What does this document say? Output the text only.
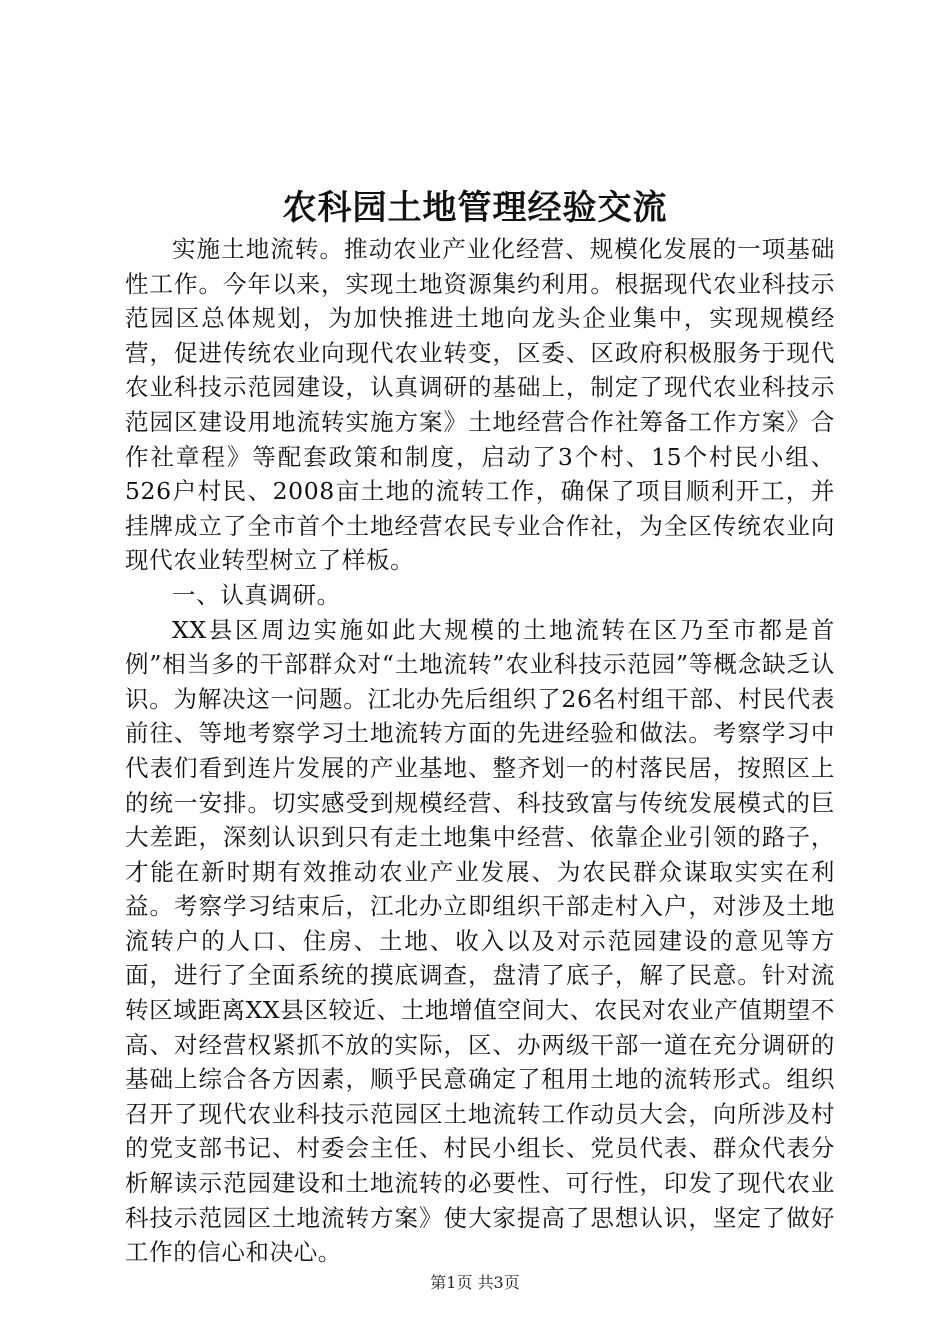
农科园土地管理经验交流

实施土地流转。推动农业产业化经营、规模化发展的一项基础性工作。今年以来，实现土地资源集约利用。根据现代农业科技示范园区总体规划，为加快推进土地向龙头企业集中，实现规模经营，促进传统农业向现代农业转变，区委、区政府积极服务于现代农业科技示范园建设，认真调研的基础上，制定了现代农业科技示范园区建设用地流转实施方案》土地经营合作社筹备工作方案》合作社章程》等配套政策和制度，启动了3个村、15个村民小组、526户村民、2008亩土地的流转工作，确保了项目顺利开工，并挂牌成立了全市首个土地经营农民专业合作社，为全区传统农业向现代农业转型树立了样板。

一、认真调研。

XX县区周边实施如此大规模的土地流转在区乃至市都是首例”相当多的干部群众对“土地流转”农业科技示范园”等概念缺乏认识。为解决这一问题。江北办先后组织了26名村组干部、村民代表前往、等地考察学习土地流转方面的先进经验和做法。考察学习中代表们看到连片发展的产业基地、整齐划一的村落民居，按照区上的统一安排。切实感受到规模经营、科技致富与传统发展模式的巨大差距，深刻认识到只有走土地集中经营、依靠企业引领的路子，才能在新时期有效推动农业产业发展、为农民群众谋取实实在利益。考察学习结束后，江北办立即组织干部走村入户，对涉及土地流转户的人口、住房、土地、收入以及对示范园建设的意见等方面，进行了全面系统的摸底调查，盘清了底子，解了民意。针对流转区域距离XX县区较近、土地增值空间大、农民对农业产值期望不高、对经营权紧抓不放的实际，区、办两级干部一道在充分调研的基础上综合各方因素，顺乎民意确定了租用土地的流转形式。组织召开了现代农业科技示范园区土地流转工作动员大会，向所涉及村的党支部书记、村委会主任、村民小组长、党员代表、群众代表分析解读示范园建设和土地流转的必要性、可行性，印发了现代农业科技示范园区土地流转方案》使大家提高了思想认识，坚定了做好工作的信心和决心。

第1页 共3页
